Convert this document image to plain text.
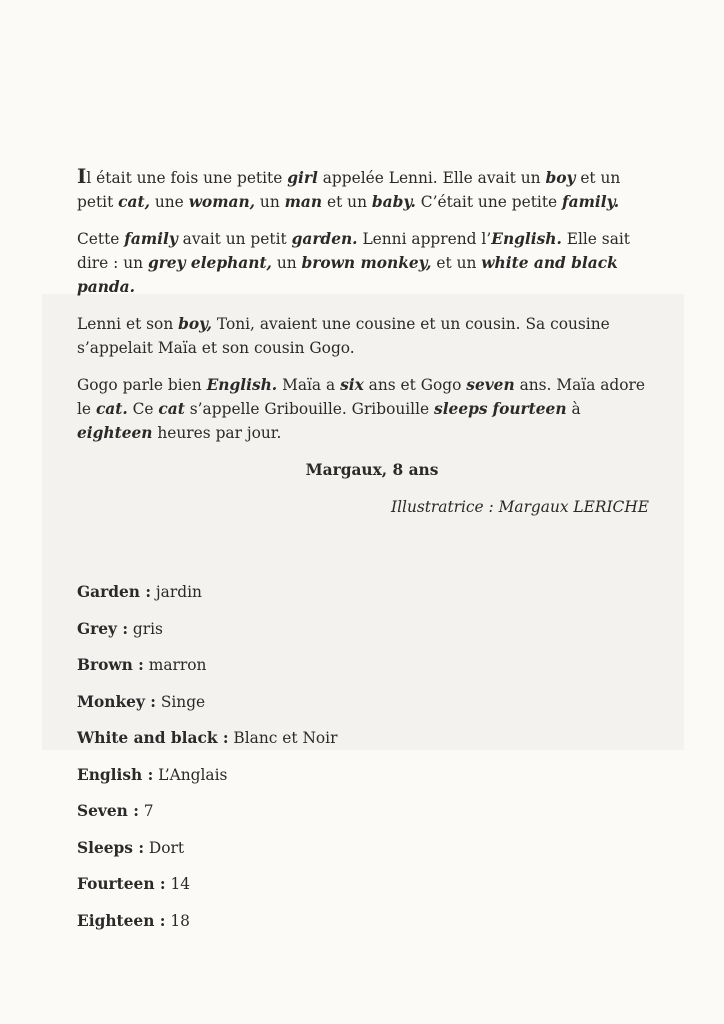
Il était une fois une petite girl appelée Lenni. Elle avait un boy et un petit cat, une woman, un man et un baby. C’était une petite family.

Cette family avait un petit garden. Lenni apprend l’English. Elle sait dire : un grey elephant, un brown monkey, et un white and black panda.

Lenni et son boy, Toni, avaient une cousine et un cousin. Sa cousine s’appelait Maïa et son cousin Gogo.

Gogo parle bien English. Maïa a six ans et Gogo seven ans. Maïa adore le cat. Ce cat s’appelle Gribouille. Gribouille sleeps fourteen à eighteen heures par jour.

Margaux, 8 ans

Illustratrice : Margaux LERICHE

Garden : jardin
Grey : gris
Brown : marron
Monkey : Singe
White and black : Blanc et Noir
English : L’Anglais
Seven : 7
Sleeps : Dort
Fourteen : 14
Eighteen : 18
